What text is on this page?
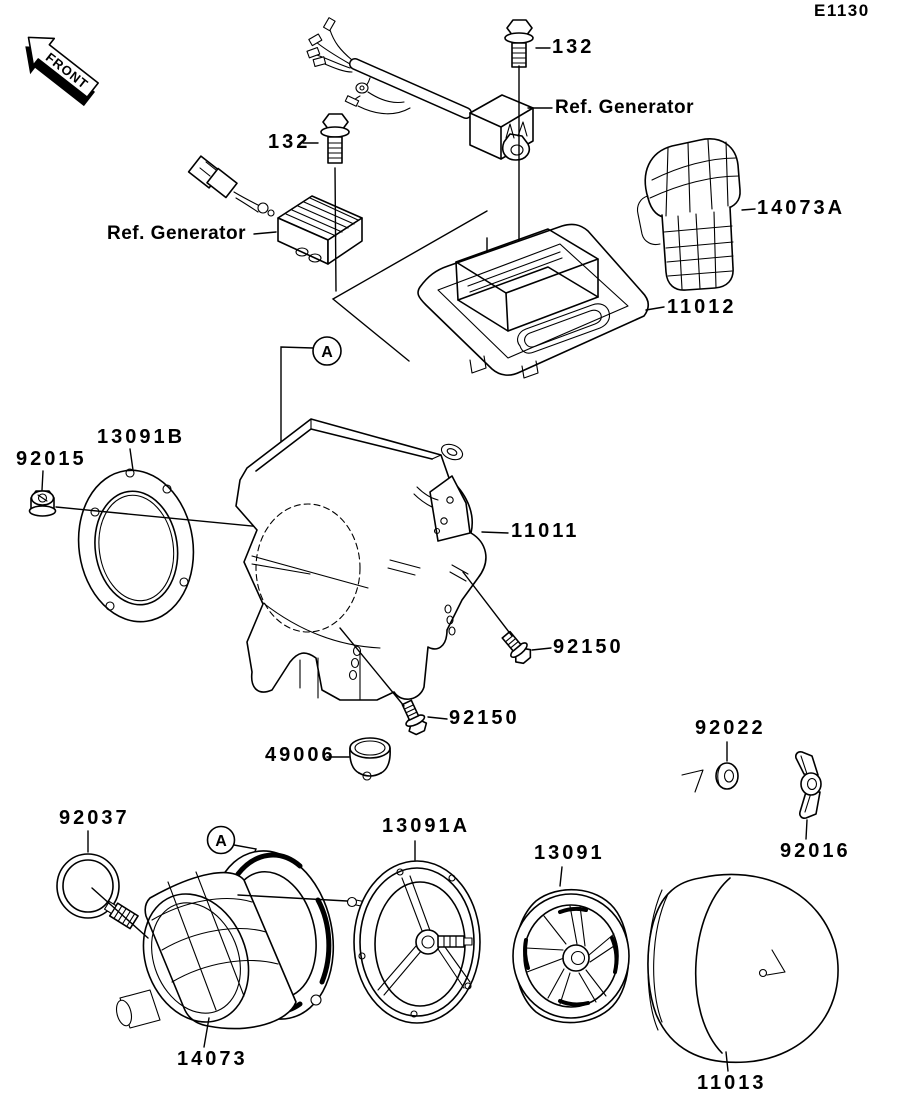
FRONT
A
A
E1130
132
Ref. Generator
132
Ref. Generator
14073A
11012
13091B
92015
11011
92150
92150
49006
92022
92016
92037	13091A
13091
14073
11013
